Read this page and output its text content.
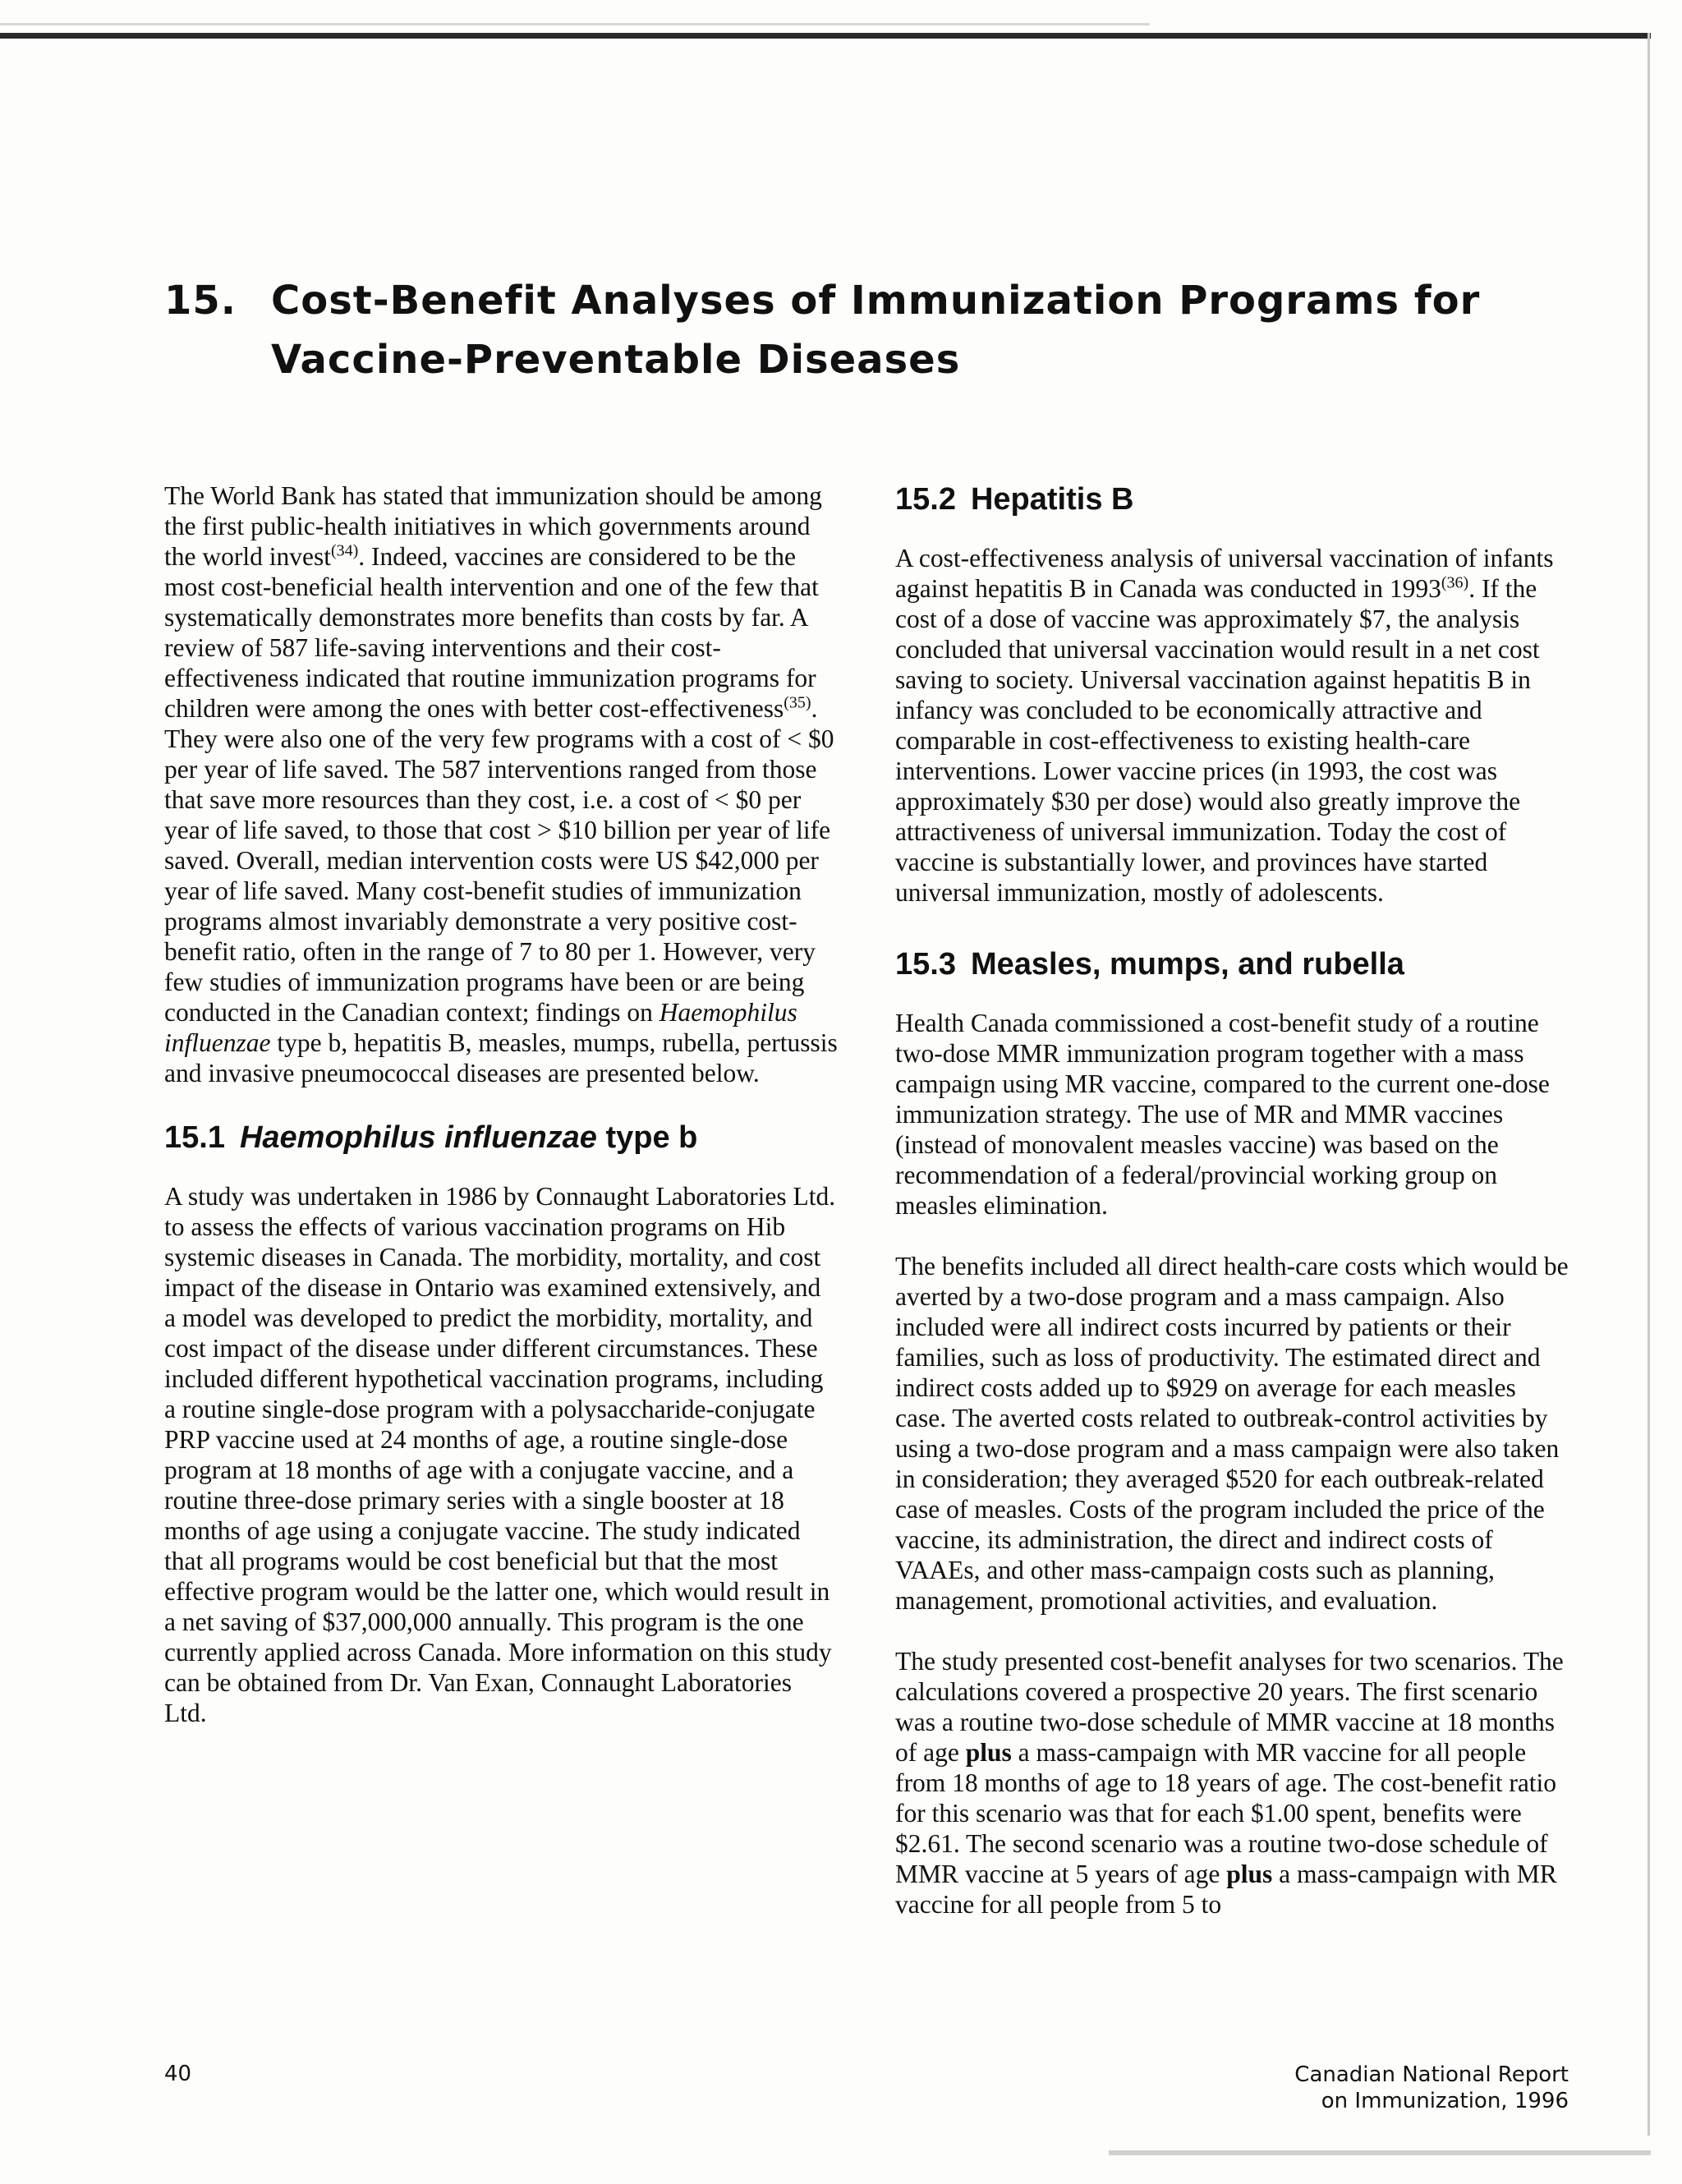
15. Cost-Benefit Analyses of Immunization Programs for
Vaccine-Preventable Diseases

The World Bank has stated that immunization should be among the first public-health initiatives in which governments around the world invest$^{(34)}$. Indeed, vaccines are considered to be the most cost-beneficial health intervention and one of the few that systematically demonstrates more benefits than costs by far. A review of 587 life-saving interventions and their cost-effectiveness indicated that routine immunization programs for children were among the ones with better cost-effectiveness$^{(35)}$. They were also one of the very few programs with a cost of < $0 per year of life saved. The 587 interventions ranged from those that save more resources than they cost, i.e. a cost of < $0 per year of life saved, to those that cost > $10 billion per year of life saved. Overall, median intervention costs were US $42,000 per year of life saved. Many cost-benefit studies of immunization programs almost invariably demonstrate a very positive cost-benefit ratio, often in the range of 7 to 80 per 1. However, very few studies of immunization programs have been or are being conducted in the Canadian context; findings on Haemophilus influenzae type b, hepatitis B, measles, mumps, rubella, pertussis and invasive pneumococcal diseases are presented below.

15.1 Haemophilus influenzae type b

A study was undertaken in 1986 by Connaught Laboratories Ltd. to assess the effects of various vaccination programs on Hib systemic diseases in Canada. The morbidity, mortality, and cost impact of the disease in Ontario was examined extensively, and a model was developed to predict the morbidity, mortality, and cost impact of the disease under different circumstances. These included different hypothetical vaccination programs, including a routine single-dose program with a polysaccharide-conjugate PRP vaccine used at 24 months of age, a routine single-dose program at 18 months of age with a conjugate vaccine, and a routine three-dose primary series with a single booster at 18 months of age using a conjugate vaccine. The study indicated that all programs would be cost beneficial but that the most effective program would be the latter one, which would result in a net saving of $37,000,000 annually. This program is the one currently applied across Canada. More information on this study can be obtained from Dr. Van Exan, Connaught Laboratories Ltd.

15.2 Hepatitis B

A cost-effectiveness analysis of universal vaccination of infants against hepatitis B in Canada was conducted in 1993$^{(36)}$. If the cost of a dose of vaccine was approximately $7, the analysis concluded that universal vaccination would result in a net cost saving to society. Universal vaccination against hepatitis B in infancy was concluded to be economically attractive and comparable in cost-effectiveness to existing health-care interventions. Lower vaccine prices (in 1993, the cost was approximately $30 per dose) would also greatly improve the attractiveness of universal immunization. Today the cost of vaccine is substantially lower, and provinces have started universal immunization, mostly of adolescents.

15.3 Measles, mumps, and rubella

Health Canada commissioned a cost-benefit study of a routine two-dose MMR immunization program together with a mass campaign using MR vaccine, compared to the current one-dose immunization strategy. The use of MR and MMR vaccines (instead of monovalent measles vaccine) was based on the recommendation of a federal/provincial working group on measles elimination.

The benefits included all direct health-care costs which would be averted by a two-dose program and a mass campaign. Also included were all indirect costs incurred by patients or their families, such as loss of productivity. The estimated direct and indirect costs added up to $929 on average for each measles case. The averted costs related to outbreak-control activities by using a two-dose program and a mass campaign were also taken in consideration; they averaged $520 for each outbreak-related case of measles. Costs of the program included the price of the vaccine, its administration, the direct and indirect costs of VAAEs, and other mass-campaign costs such as planning, management, promotional activities, and evaluation.

The study presented cost-benefit analyses for two scenarios. The calculations covered a prospective 20 years. The first scenario was a routine two-dose schedule of MMR vaccine at 18 months of age plus a mass-campaign with MR vaccine for all people from 18 months of age to 18 years of age. The cost-benefit ratio for this scenario was that for each $1.00 spent, benefits were $2.61. The second scenario was a routine two-dose schedule of MMR vaccine at 5 years of age plus a mass-campaign with MR vaccine for all people from 5 to

40	Canadian National Report
on Immunization, 1996
